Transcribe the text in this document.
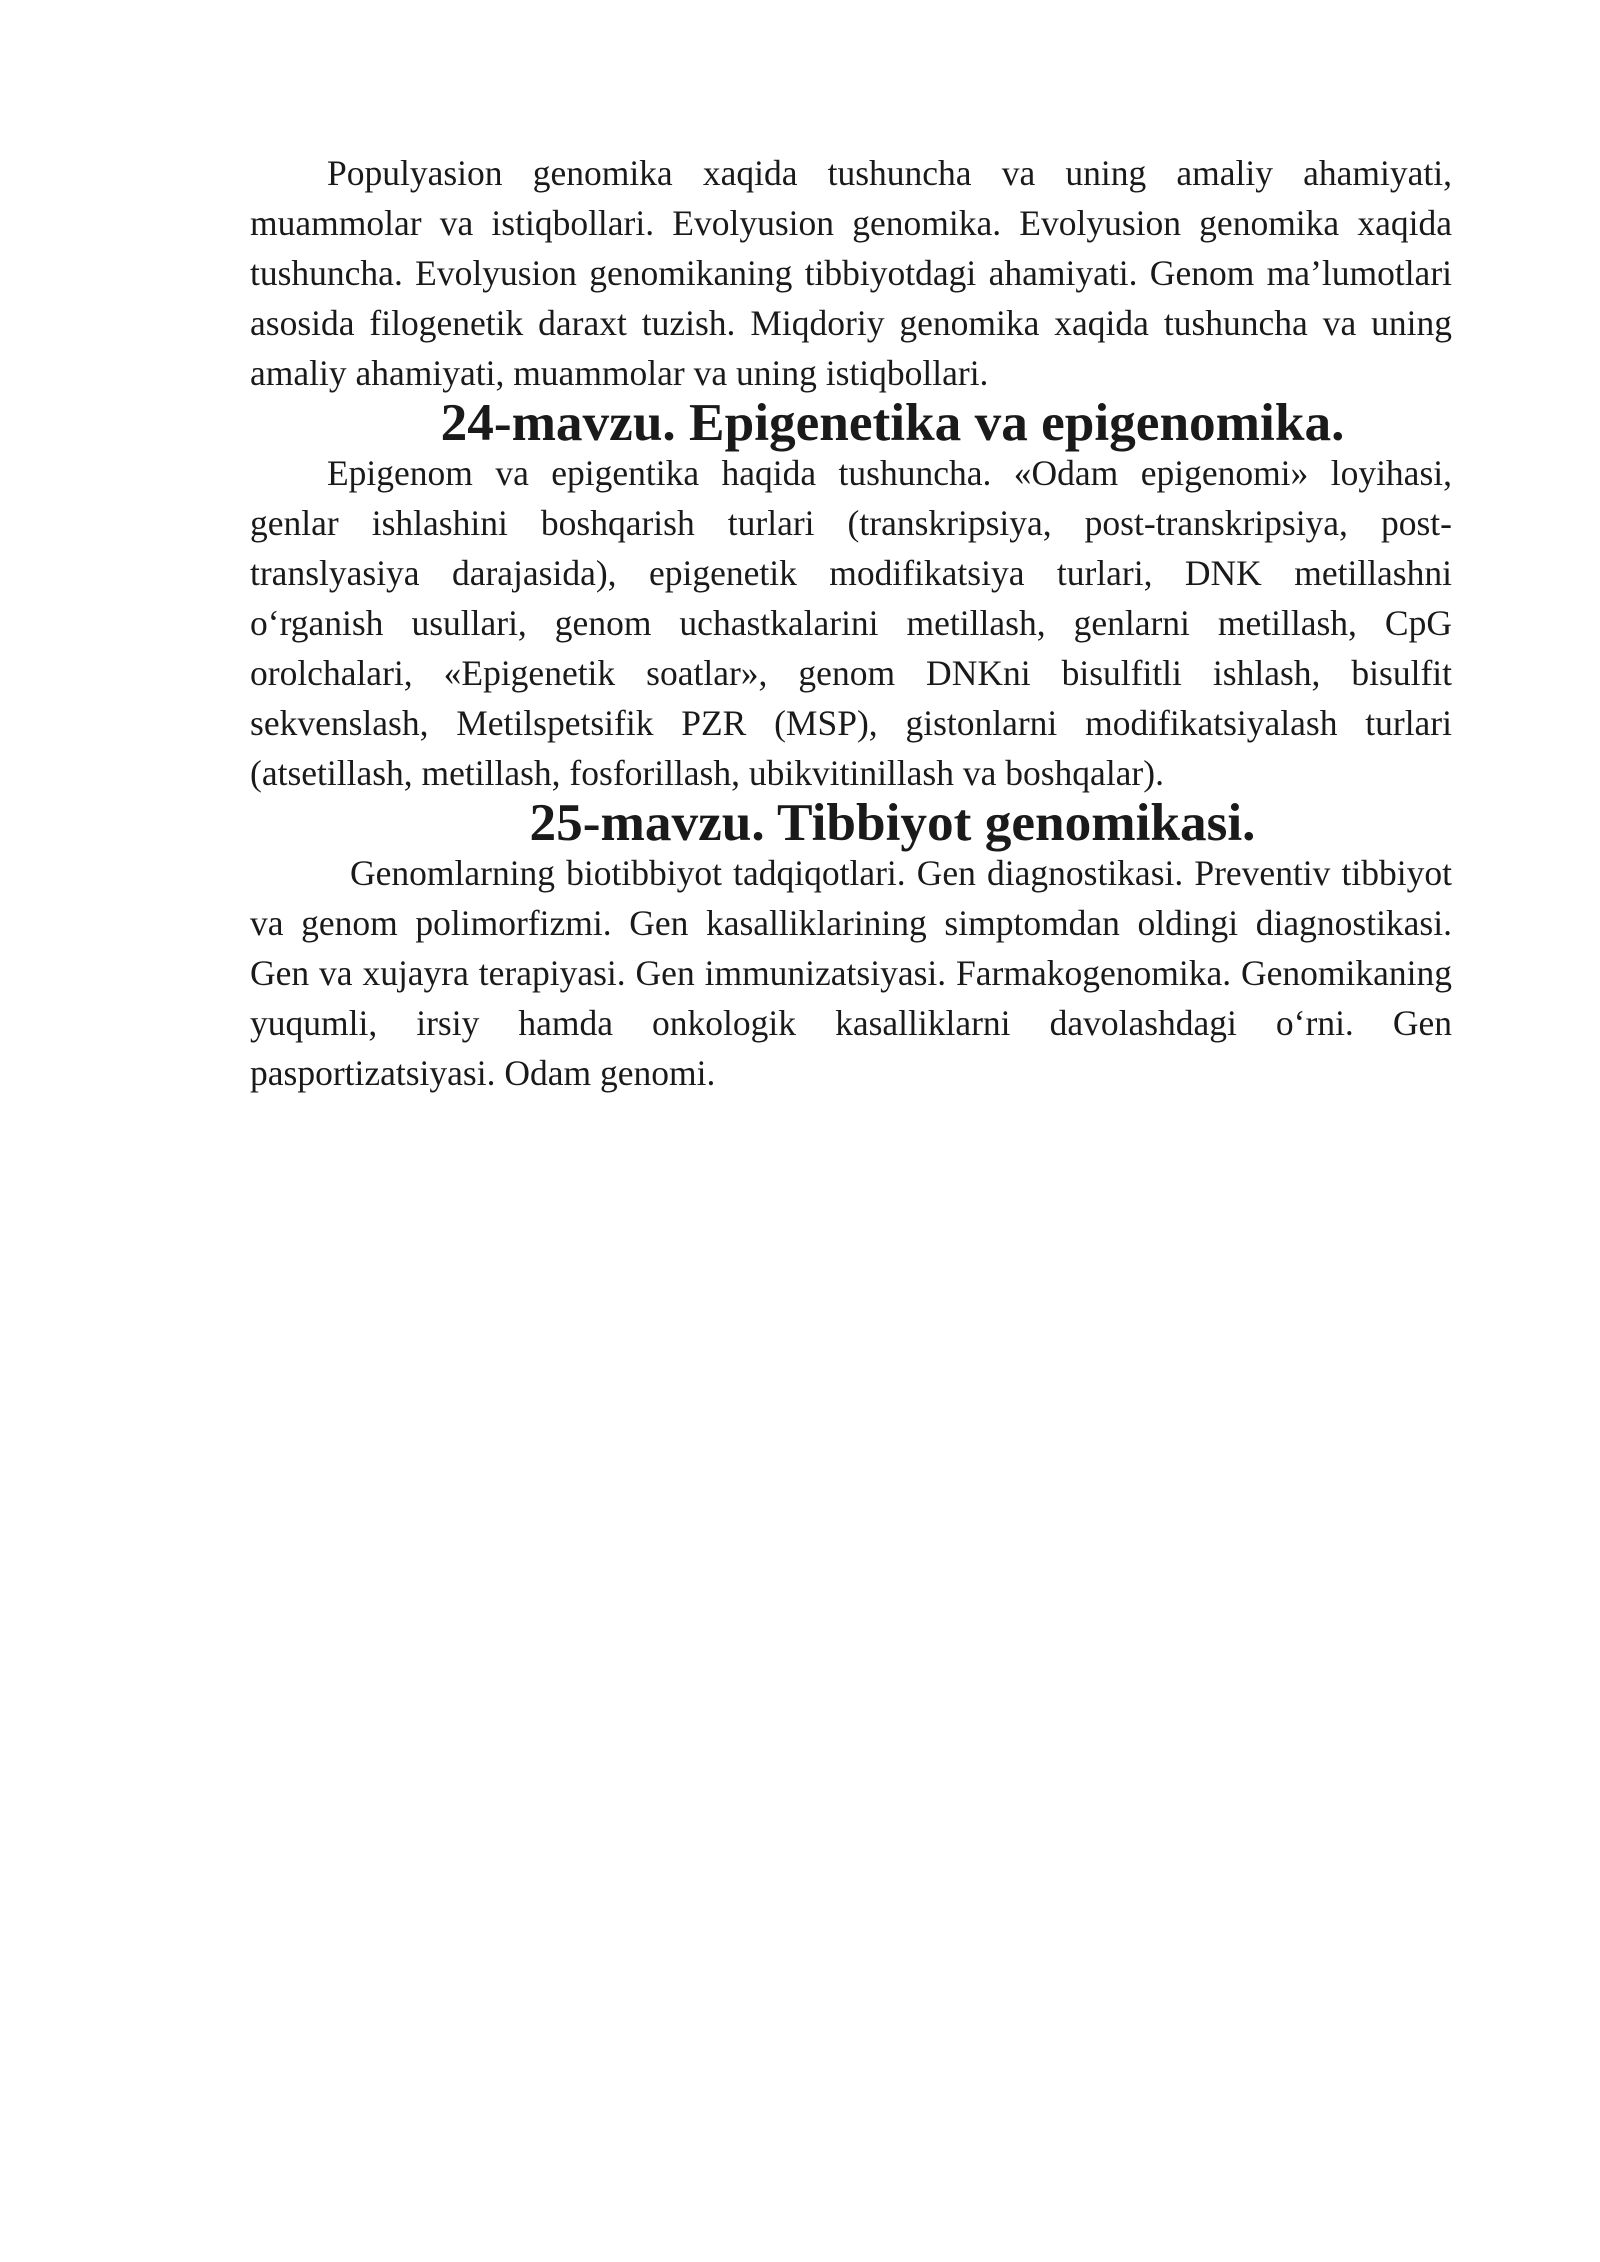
Populyasion genomika xaqida tushuncha va uning amaliy ahamiyati, muammolar va istiqbollari. Evolyusion genomika. Evolyusion genomika xaqida tushuncha. Evolyusion genomikaning tibbiyotdagi ahamiyati. Genom ma’lumotlari asosida filogenetik daraxt tuzish. Miqdoriy genomika xaqida tushuncha va uning amaliy ahamiyati, muammolar va uning istiqbollari.

24-mavzu. Epigenetika va epigenomika.

Epigenom va epigentika haqida tushuncha. «Odam epigenomi» loyihasi, genlar ishlashini boshqarish turlari (transkripsiya, post-transkripsiya, post-translyasiya darajasida), epigenetik modifikatsiya turlari, DNK metillashni o‘rganish usullari, genom uchastkalarini metillash, genlarni metillash, CpG orolchalari, «Epigenetik soatlar», genom DNKni bisulfitli ishlash, bisulfit sekvenslash, Metilspetsifik PZR (MSP), gistonlarni modifikatsiyalash turlari (atsetillash, metillash, fosforillash, ubikvitinillash va boshqalar).

25-mavzu. Tibbiyot genomikasi.

Genomlarning biotibbiyot tadqiqotlari. Gen diagnostikasi. Preventiv tibbiyot va genom polimorfizmi. Gen kasalliklarining simptomdan oldingi diagnostikasi. Gen va xujayra terapiyasi. Gen immunizatsiyasi. Farmakogenomika. Genomikaning yuqumli, irsiy hamda onkologik kasalliklarni davolashdagi o‘rni. Gen pasportizatsiyasi. Odam genomi.
